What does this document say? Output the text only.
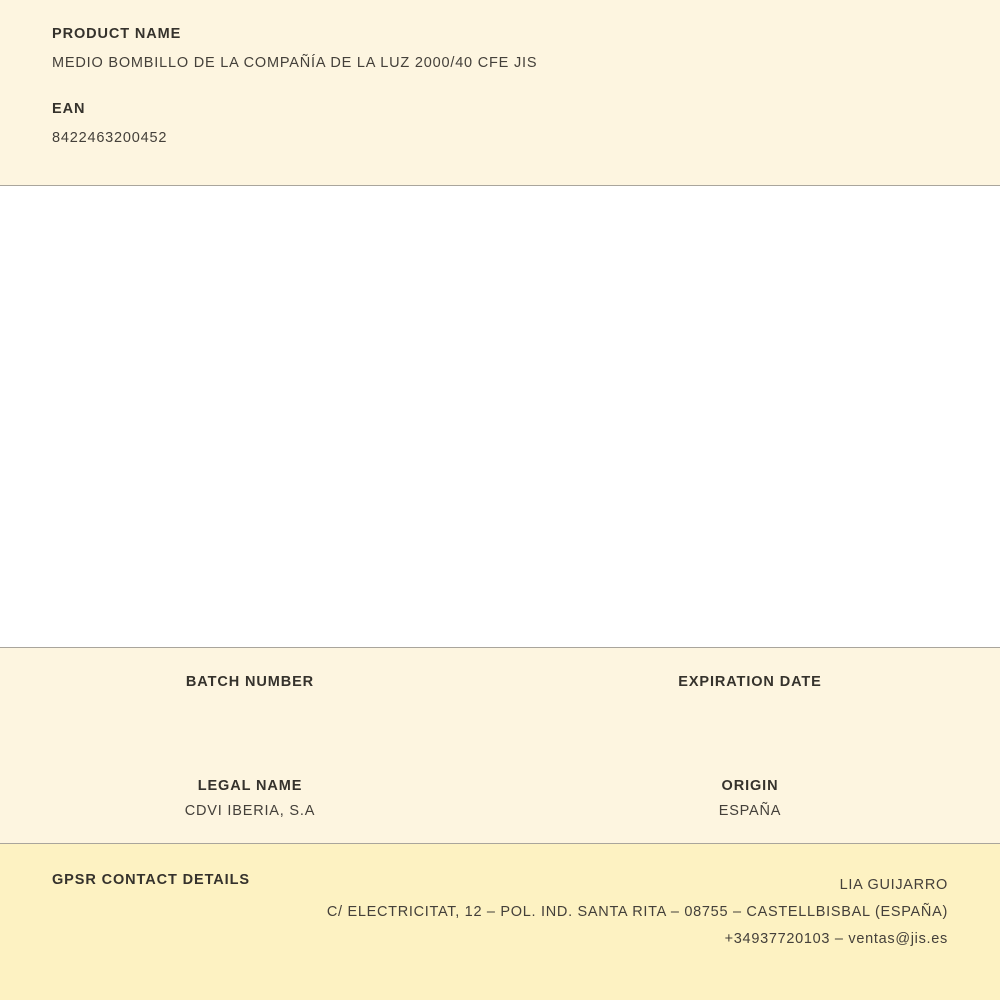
PRODUCT NAME

MEDIO BOMBILLO DE LA COMPAÑÍA DE LA LUZ 2000/40 CFE JIS

EAN

8422463200452

BATCH NUMBER	EXPIRATION DATE

LEGAL NAME

CDVI IBERIA, S.A

ORIGIN

ESPAÑA

GPSR CONTACT DETAILS	LIA GUIJARRO
C/ ELECTRICITAT, 12 – POL. IND. SANTA RITA – 08755 – CASTELLBISBAL (ESPAÑA)
+34937720103 – ventas@jis.es
